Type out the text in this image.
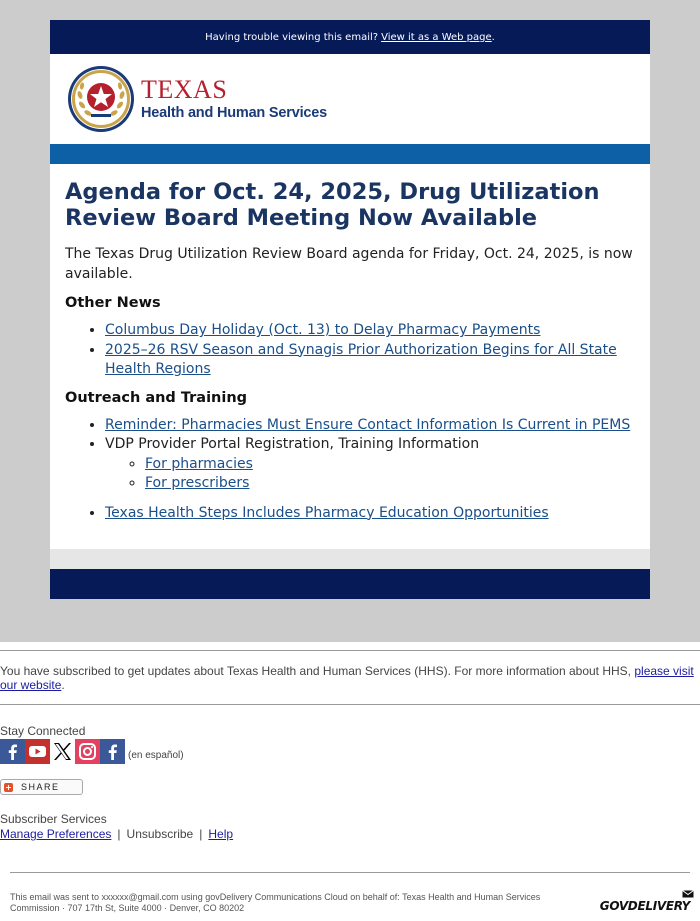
Having trouble viewing this email? View it as a Web page .
TEXAS
Health and Human Services
Agenda for Oct. 24, 2025, Drug Utilization Review Board Meeting Now Available

The Texas Drug Utilization Review Board agenda for Friday, Oct. 24, 2025, is now available.

Other News
• Columbus Day Holiday (Oct. 13) to Delay Pharmacy Payments
• 2025–26 RSV Season and Synagis Prior Authorization Begins for All State Health Regions
Outreach and Training
• Reminder: Pharmacies Must Ensure Contact Information Is Current in PEMS
• VDP Provider Portal Registration, Training Information
◦ For pharmacies
◦ For prescribers
• Texas Health Steps Includes Pharmacy Education Opportunities
You have subscribed to get updates about Texas Health and Human Services (HHS). For more information about HHS, please visit our website.
Stay Connected
(en español)
SHARE
Subscriber Services
Manage Preferences | Unsubscribe | Help
This email was sent to xxxxxx@gmail.com using govDelivery Communications Cloud on behalf of: Texas Health and Human Services Commission · 707 17th St, Suite 4000 · Denver, CO 80202	GOVDELIVERY
